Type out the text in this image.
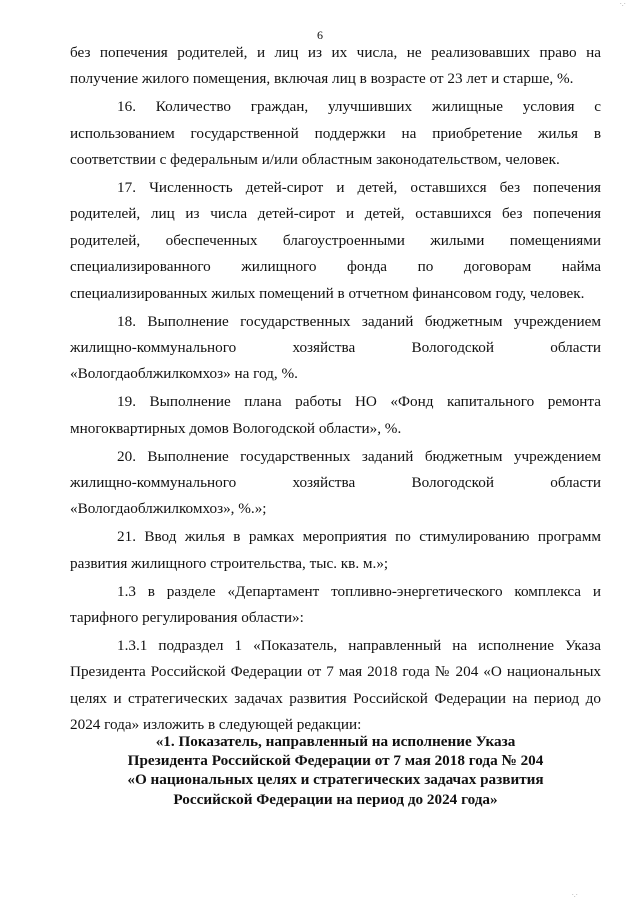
·.·
6

без попечения родителей, и лиц из их числа, не реализовавших право на получение жилого помещения, включая лиц в возрасте от 23 лет и старше, %.

16. Количество граждан, улучшивших жилищные условия с использованием государственной поддержки на приобретение жилья в соответствии с федеральным и/или областным законодательством, человек.

17. Численность детей-сирот и детей, оставшихся без попечения родителей, лиц из числа детей-сирот и детей, оставшихся без попечения родителей, обеспеченных благоустроенными жилыми помещениями специализированного жилищного фонда по договорам найма специализированных жилых помещений в отчетном финансовом году, человек.

18. Выполнение государственных заданий бюджетным учреждением жилищно-коммунального хозяйства Вологодской области «Вологдаоблжилкомхоз» на год, %.

19. Выполнение плана работы НО «Фонд капитального ремонта многоквартирных домов Вологодской области», %.

20. Выполнение государственных заданий бюджетным учреждением жилищно-коммунального хозяйства Вологодской области «Вологдаоблжилкомхоз», %.»;

21. Ввод жилья в рамках мероприятия по стимулированию программ развития жилищного строительства, тыс. кв. м.»;

1.3 в разделе «Департамент топливно-энергетического комплекса и тарифного регулирования области»:

1.3.1 подраздел 1 «Показатель, направленный на исполнение Указа Президента Российской Федерации от 7 мая 2018 года № 204 «О национальных целях и стратегических задачах развития Российской Федерации на период до 2024 года» изложить в следующей редакции:

«1. Показатель, направленный на исполнение Указа
Президента Российской Федерации от 7 мая 2018 года № 204
«О национальных целях и стратегических задачах развития
Российской Федерации на период до 2024 года»
·.·
